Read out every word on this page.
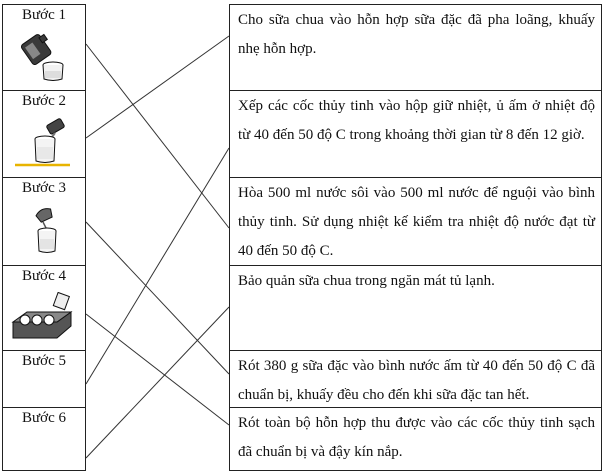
Bước 1
Bước 2
Bước 3
Bước 4
Bước 5
Bước 6
Cho sữa chua vào hỗn hợp sữa đặc đã pha loãng, khuấy nhẹ hỗn hợp.
Xếp các cốc thủy tinh vào hộp giữ nhiệt, ủ ấm ở nhiệt độ từ 40 đến 50 độ C trong khoảng thời gian từ 8 đến 12 giờ.
Hòa 500 ml nước sôi vào 500 ml nước để nguội vào bình thủy tinh. Sử dụng nhiệt kế kiểm tra nhiệt độ nước đạt từ 40 đến 50 độ C.
Bảo quản sữa chua trong ngăn mát tủ lạnh.
Rót 380 g sữa đặc vào bình nước ấm từ 40 đến 50 độ C đã chuẩn bị, khuấy đều cho đến khi sữa đặc tan hết.
Rót toàn bộ hỗn hợp thu được vào các cốc thủy tinh sạch đã chuẩn bị và đậy kín nắp.
